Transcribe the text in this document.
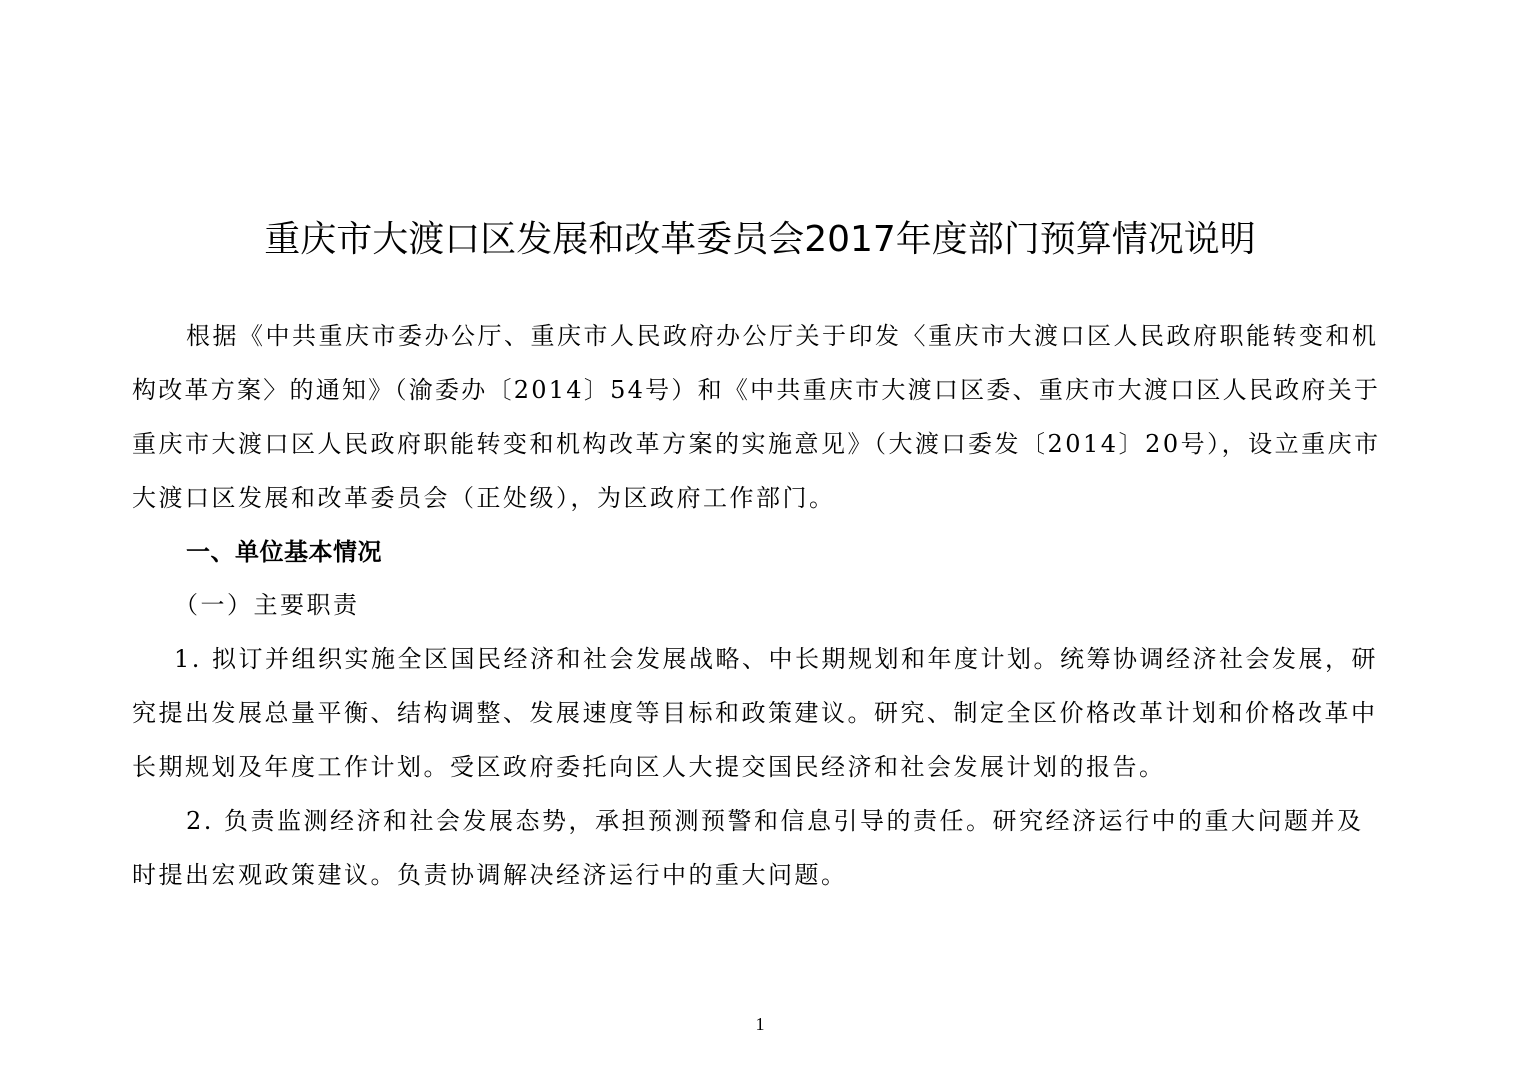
重庆市大渡口区发展和改革委员会2017年度部门预算情况说明
根据《中共重庆市委办公厅、重庆市人民政府办公厅关于印发〈重庆市大渡口区人民政府职能转变和机
构改革方案〉的通知》（渝委办〔2014〕54号）和《中共重庆市大渡口区委、重庆市大渡口区人民政府关于
重庆市大渡口区人民政府职能转变和机构改革方案的实施意见》（大渡口委发〔2014〕20号），设立重庆市
大渡口区发展和改革委员会（正处级），为区政府工作部门。
一、单位基本情况
（一）主要职责
1. 拟订并组织实施全区国民经济和社会发展战略、中长期规划和年度计划。统筹协调经济社会发展，研
究提出发展总量平衡、结构调整、发展速度等目标和政策建议。研究、制定全区价格改革计划和价格改革中
长期规划及年度工作计划。受区政府委托向区人大提交国民经济和社会发展计划的报告。
2. 负责监测经济和社会发展态势，承担预测预警和信息引导的责任。研究经济运行中的重大问题并及
时提出宏观政策建议。负责协调解决经济运行中的重大问题。
1
